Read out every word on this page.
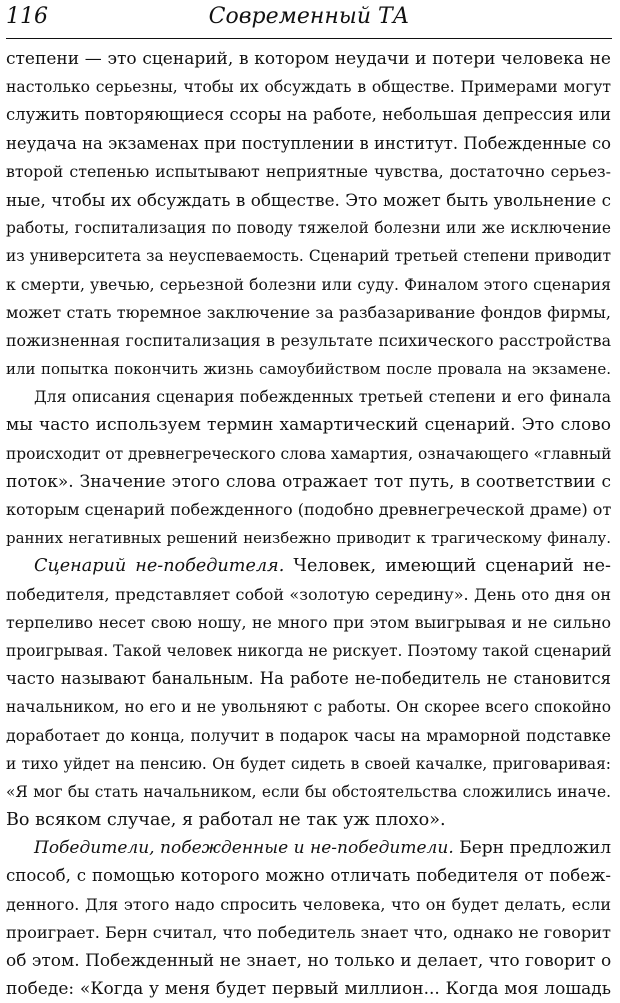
116	Современный ТА
степени — это сценарий, в котором неудачи и потери человека не
настолько серьезны, чтобы их обсуждать в обществе. Примерами могут
служить повторяющиеся ссоры на работе, небольшая депрессия или
неудача на экзаменах при поступлении в институт. Побежденные со
второй степенью испытывают неприятные чувства, достаточно серьез-
ные, чтобы их обсуждать в обществе. Это может быть увольнение с
работы, госпитализация по поводу тяжелой болезни или же исключение
из университета за неуспеваемость. Сценарий третьей степени приводит
к смерти, увечью, серьезной болезни или суду. Финалом этого сценария
может стать тюремное заключение за разбазаривание фондов фирмы,
пожизненная госпитализация в результате психического расстройства
или попытка покончить жизнь самоубийством после провала на экзамене.
Для описания сценария побежденных третьей степени и его финала
мы часто используем термин хамартический сценарий. Это слово
происходит от древнегреческого слова хамартия, означающего «главный
поток». Значение этого слова отражает тот путь, в соответствии с
которым сценарий побежденного (подобно древнегреческой драме) от
ранних негативных решений неизбежно приводит к трагическому финалу.
Сценарий не-победителя. Человек, имеющий сценарий не-
победителя, представляет собой «золотую середину». День ото дня он
терпеливо несет свою ношу, не много при этом выигрывая и не сильно
проигрывая. Такой человек никогда не рискует. Поэтому такой сценарий
часто называют банальным. На работе не-победитель не становится
начальником, но его и не увольняют с работы. Он скорее всего спокойно
доработает до конца, получит в подарок часы на мраморной подставке
и тихо уйдет на пенсию. Он будет сидеть в своей качалке, приговаривая:
«Я мог бы стать начальником, если бы обстоятельства сложились иначе.
Во всяком случае, я работал не так уж плохо».
Победители, побежденные и не-победители. Берн предложил
способ, с помощью которого можно отличать победителя от побеж-
денного. Для этого надо спросить человека, что он будет делать, если
проиграет. Берн считал, что победитель знает что, однако не говорит
об этом. Побежденный не знает, но только и делает, что говорит о
победе: «Когда у меня будет первый миллион... Когда моя лошадь
